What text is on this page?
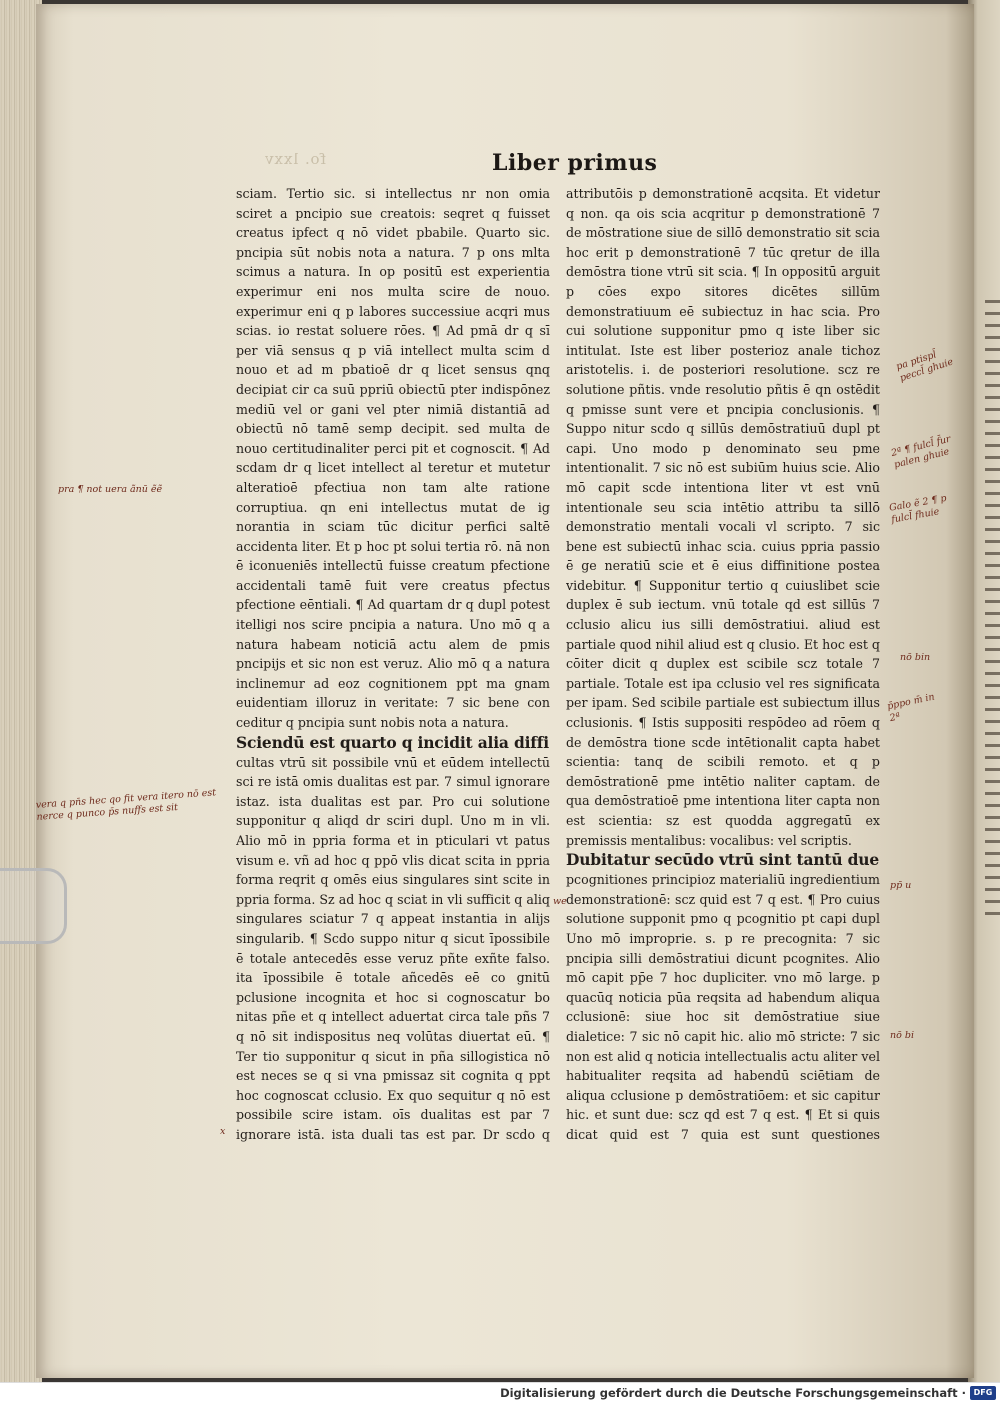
fo. lxxv	Liber primus

sciam. Tertio sic. si intellectus nr non omia sciret a pncipio sue creatois: seqret q fuisset creatus ipfect q nō videt pbabile. Quarto sic. pncipia sūt nobis nota a natura. 7 p ons mlta scimus a natura. In op positū est experientia experimur eni nos multa scire de nouo. experimur eni q p labores successiue acqri mus scias. io restat soluere rōes. ¶ Ad pmā dr q sī per viā sensus q p viā intellect multa scim d nouo et ad m pbatioē dr q licet sensus qnq decipiat cir ca suū ppriū obiectū pter indispōnez mediū vel or gani vel pter nimiā distantiā ad obiectū nō tamē semp decipit. sed multa de nouo certitudinaliter perci pit et cognoscit. ¶ Ad scdam dr q licet intellect al teretur et mutetur alteratioē pfectiua non tam alte ratione corruptiua. qn eni intellectus mutat de ig norantia in sciam tūc dicitur perfici saltē accidenta liter. Et p hoc pt solui tertia rō. nā non ē iconueniēs intellectū fuisse creatum pfectione accidentali tamē fuit vere creatus pfectus pfectione eēntiali. ¶ Ad quartam dr q dupl potest itelligi nos scire pncipia a natura. Uno mō q a natura habeam noticiā actu alem de pmis pncipijs et sic non est veruz. Alio mō q a natura inclinemur ad eoz cognitionem ppt ma gnam euidentiam illoruz in veritate: 7 sic bene con ceditur q pncipia sunt nobis nota a natura.

Sciendū est quarto q incidit alia diffi

cultas vtrū sit possibile vnū et eūdem intellectū sci re istā omis dualitas est par. 7 simul ignorare istaz. ista dualitas est par. Pro cui solutione supponitur q aliqd dr sciri dupl. Uno m in vli. Alio mō in ppria forma et in pticulari vt patus visum e. vñ ad hoc q ppō vlis dicat scita in ppria forma reqrit q omēs eius singulares sint scite in ppria forma. Sz ad hoc q sciat in vli sufficit q aliq singulares sciatur 7 q appeat instantia in alijs singularib. ¶ Scdo suppo nitur q sicut īpossibile ē totale antecedēs esse veruz pñte exñte falso. ita īpossibile ē totale añcedēs eē co gnitū pclusione incognita et hoc si cognoscatur bo nitas pñe et q intellect aduertat circa tale pñs 7 q nō sit indispositus neq volūtas diuertat eū. ¶ Ter tio supponitur q sicut in pña sillogistica nō est neces se q si vna pmissaz sit cognita q ppt hoc cognoscat cclusio. Ex quo sequitur q nō est possibile scire istam. oīs dualitas est par 7 ignorare istā. ista duali tas est par. Dr scdo q

attributōis p demonstrationē acqsita. Et videtur q non. qa ois scia acqritur p demonstrationē 7 de mōstratione siue de sillō demonstratio sit scia hoc erit p demonstrationē 7 tūc qretur de illa demōstra tione vtrū sit scia. ¶ In oppositū arguit p cōes expo sitores dicētes sillūm demonstratiuum eē subiectuz in hac scia. Pro cui solutione supponitur pmo q iste liber sic intitulat. Iste est liber posterioz anale tichoz aristotelis. i. de posteriori resolutione. scz re solutione pñtis. vnde resolutio pñtis ē qn ostēdit q pmisse sunt vere et pncipia conclusionis. ¶ Suppo nitur scdo q sillūs demōstratiuū dupl pt capi. Uno modo p denominato seu pme intentionalit. 7 sic nō est subiūm huius scie. Alio mō capit scde intentiona liter vt est vnū intentionale seu scia intētio attribu ta sillō demonstratio mentali vocali vl scripto. 7 sic bene est subiectū inhac scia. cuius ppria passio ē ge neratiū scie et ē eius diffinitione postea videbitur. ¶ Supponitur tertio q cuiuslibet scie duplex ē sub iectum. vnū totale qd est sillūs 7 cclusio alicu ius silli demōstratiui. aliud est partiale quod nihil aliud est q clusio. Et hoc est q cōiter dicit q duplex est scibile scz totale 7 partiale. Totale est ipa cclusio vel res significata per ipam. Sed scibile partiale est subiectum illus cclusionis. ¶ Istis suppositi respōdeo ad rōem q de demōstra tione scde intētionalit capta habet scientia: tanq de scibili remoto. et q p demōstrationē pme intētio naliter captam. de qua demōstratioē pme intentiona liter capta non est scientia: sz est quodda aggregatū ex premissis mentalibus: vocalibus: vel scriptis.

Dubitatur secūdo vtrū sint tantū due

pcognitiones principioz materialiū ingredientium demonstrationē: scz quid est 7 q est. ¶ Pro cuius solutione supponit pmo q pcognitio pt capi dupl Uno mō improprie. s. p re precognita: 7 sic pncipia silli demōstratiui dicunt pcognites. Alio mō capit pp̄e 7 hoc dupliciter. vno mō large. p quacūq noticia pūa reqsita ad habendum aliqua cclusionē: siue hoc sit demōstratiue siue dialetice: 7 sic nō capit hic. alio mō stricte: 7 sic non est alid q noticia intellectualis actu aliter vel habitualiter reqsita ad habendū sciētiam de aliqua cclusione p demōstratiōem: et sic capitur hic. et sunt due: scz qd est 7 q est. ¶ Et si quis dicat quid est 7 quia est sunt questiones

pra ¶ not uera ãnū ẽẽ

vera q pn̄s hec qo fit vera itero nō est nerce q punco p̄s nuffs est sit

x

pa ptispl̄ peccl̄ ghuie

2ª ¶ fulcl̄ f̄ur palen ghuie

Galo ẽ 2 ¶ p fulcl̄ fhuie

nō bin

p̄ppo m̄ in 2ª

pp̄ u

nō bi

we

Digitalisierung gefördert durch die Deutsche Forschungsgemeinschaft · DFG
